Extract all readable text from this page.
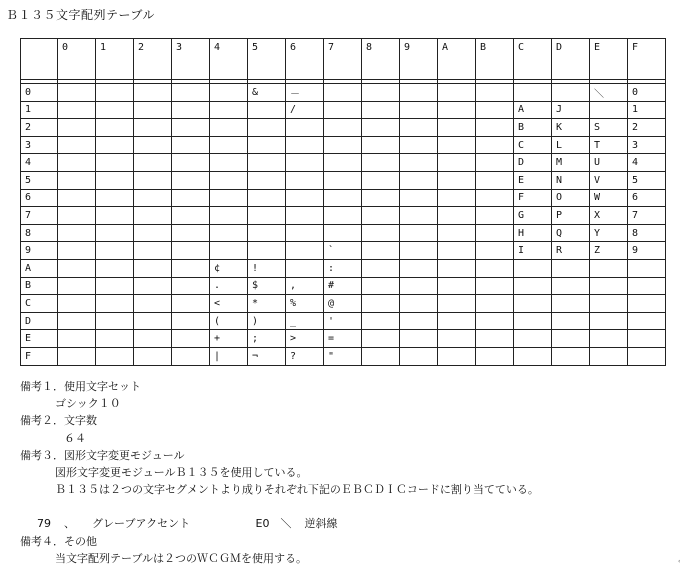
Ｂ１３５文字配列テーブル
	0	1	2	3	4	5	6	7	8	9	A	B	C	D	E	F

0						&	－								＼	0
1							/						A	J		1
2													B	K	S	2
3													C	L	T	3
4													D	M	U	4
5													E	N	V	5
6													F	O	W	6
7													G	P	X	7
8													H	Q	Y	8
9								`					I	R	Z	9
A					¢	!		:								
B					.	$	,	#								
C					<	*	%	@								
D					(	)	_	'								
E					+	;	>	=								
F					|	¬	?	"								
備考１．使用文字セット
ゴシック１０
備考２．文字数
６４
備考３．図形文字変更モジュール
図形文字変更モジュールＢ１３５を使用している。
Ｂ１３５は２つの文字セグメントより成りそれぞれ下記のＥＢＣＤＩＣコードに割り当てている。
79 、 グレーブアクセント	E0 ＼ 逆斜線
備考４．その他
当文字配列テーブルは２つのＷＣＧＭを使用する。	‹
